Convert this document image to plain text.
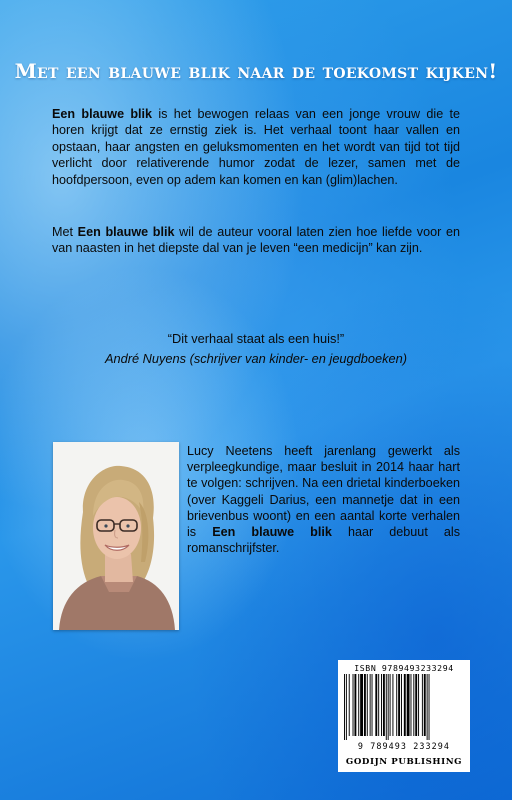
Met een blauwe blik naar de toekomst kijken!

Een blauwe blik is het bewogen relaas van een jonge vrouw die te horen krijgt dat ze ernstig ziek is. Het verhaal toont haar vallen en opstaan, haar angsten en geluksmomenten en het wordt van tijd tot tijd verlicht door relativerende humor zodat de lezer, samen met de hoofdpersoon, even op adem kan komen en kan (glim)lachen.

Met Een blauwe blik wil de auteur vooral laten zien hoe liefde voor en van naasten in het diepste dal van je leven “een medicijn” kan zijn.

“Dit verhaal staat als een huis!”
André Nuyens (schrijver van kinder- en jeugdboeken)

Lucy Neetens heeft jarenlang gewerkt als verpleegkundige, maar besluit in 2014 haar hart te volgen: schrijven. Na een drietal kinderboeken (over Kaggeli Darius, een mannetje dat in een brievenbus woont) en een aantal korte verhalen is Een blauwe blik haar debuut als romanschrijfster.

ISBN 9789493233294
9 789493 233294
GODIJN PUBLISHING
